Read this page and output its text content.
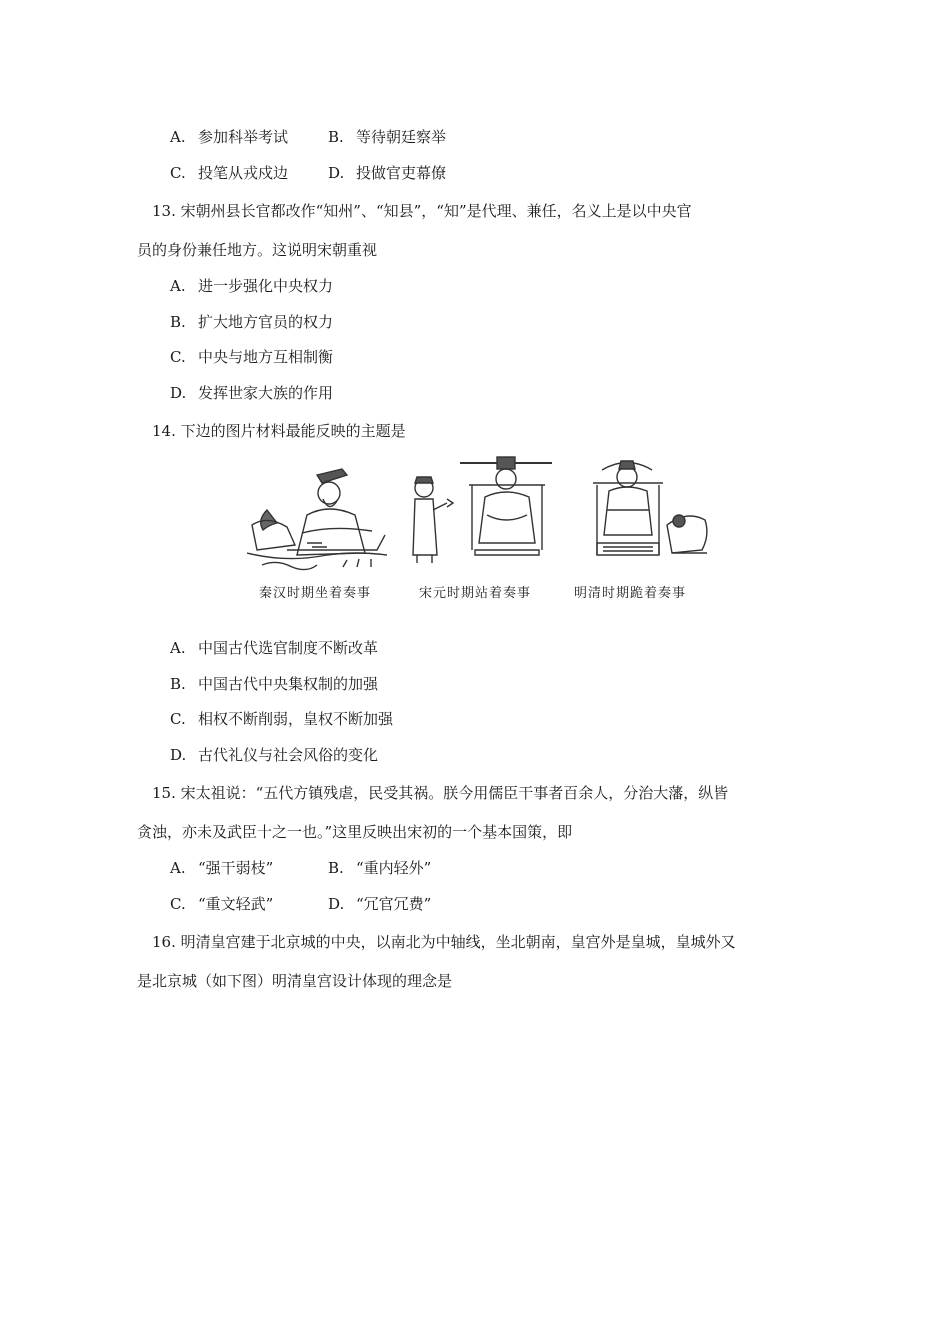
A. 参加科举考试	B. 等待朝廷察举
C. 投笔从戎戍边	D. 投做官吏幕僚
13. 宋朝州县长官都改作“知州”、“知县”，“知”是代理、兼任，名义上是以中央官
员的身份兼任地方。这说明宋朝重视
A. 进一步强化中央权力
B. 扩大地方官员的权力
C. 中央与地方互相制衡
D. 发挥世家大族的作用
14. 下边的图片材料最能反映的主题是
秦汉时期坐着奏事	宋元时期站着奏事	明清时期跪着奏事
A. 中国古代选官制度不断改革
B. 中国古代中央集权制的加强
C. 相权不断削弱，皇权不断加强
D. 古代礼仪与社会风俗的变化
15. 宋太祖说：“五代方镇残虐，民受其祸。朕今用儒臣干事者百余人，分治大藩，纵皆
贪浊，亦未及武臣十之一也。”这里反映出宋初的一个基本国策，即
A. “强干弱枝”	B. “重内轻外”
C. “重文轻武”	D. “冗官冗费”
16. 明清皇宫建于北京城的中央，以南北为中轴线，坐北朝南，皇宫外是皇城，皇城外又
是北京城（如下图）明清皇宫设计体现的理念是
